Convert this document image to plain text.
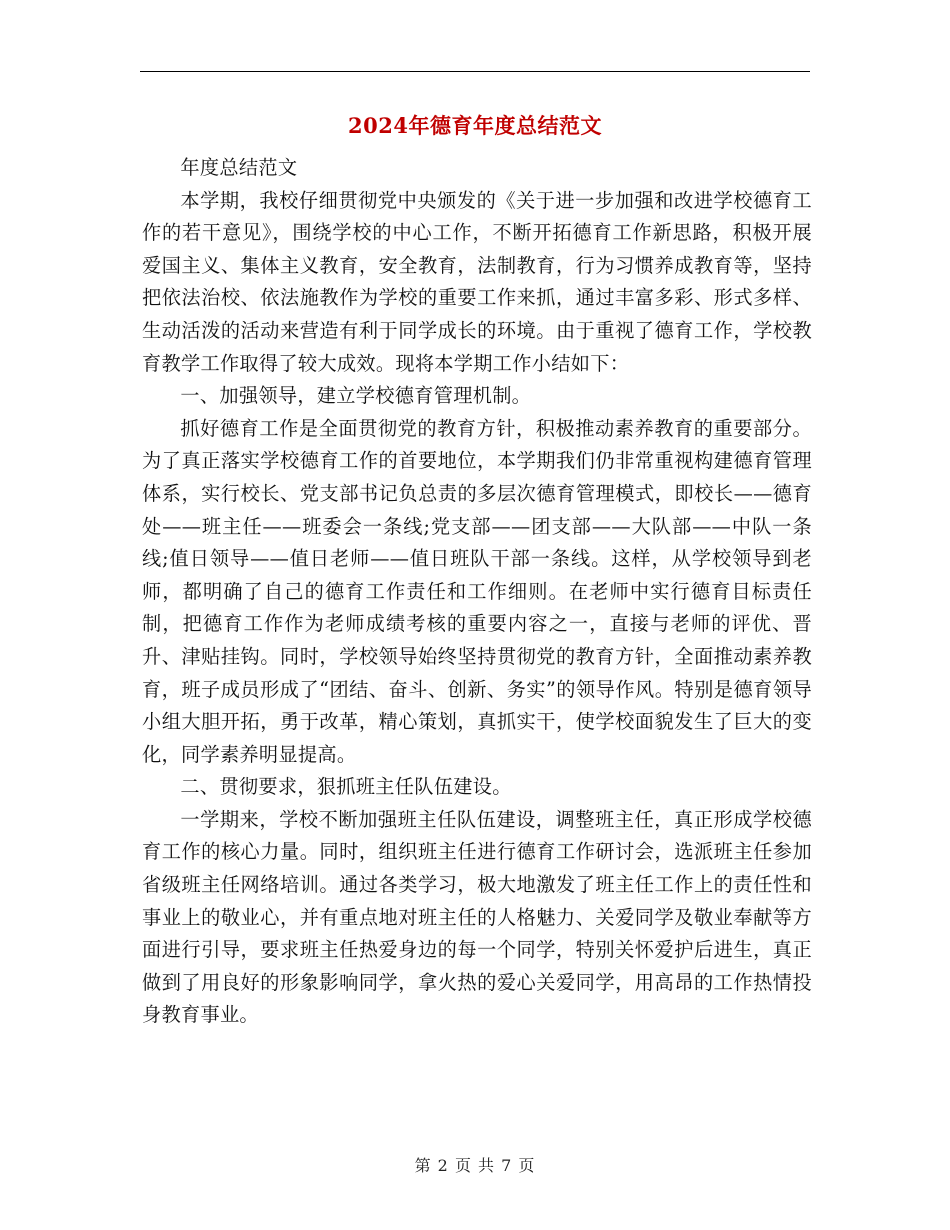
2024年德育年度总结范文

年度总结范文

本学期，我校仔细贯彻党中央颁发的《关于进一步加强和改进学校德育工作的若干意见》，围绕学校的中心工作，不断开拓德育工作新思路，积极开展爱国主义、集体主义教育，安全教育，法制教育，行为习惯养成教育等，坚持把依法治校、依法施教作为学校的重要工作来抓，通过丰富多彩、形式多样、生动活泼的活动来营造有利于同学成长的环境。由于重视了德育工作，学校教育教学工作取得了较大成效。现将本学期工作小结如下：

一、加强领导，建立学校德育管理机制。

抓好德育工作是全面贯彻党的教育方针，积极推动素养教育的重要部分。为了真正落实学校德育工作的首要地位，本学期我们仍非常重视构建德育管理体系，实行校长、党支部书记负总责的多层次德育管理模式，即校长——德育处——班主任——班委会一条线;党支部——团支部——大队部——中队一条线;值日领导——值日老师——值日班队干部一条线。这样，从学校领导到老师，都明确了自己的德育工作责任和工作细则。在老师中实行德育目标责任制，把德育工作作为老师成绩考核的重要内容之一，直接与老师的评优、晋升、津贴挂钩。同时，学校领导始终坚持贯彻党的教育方针，全面推动素养教育，班子成员形成了“团结、奋斗、创新、务实”的领导作风。特别是德育领导小组大胆开拓，勇于改革，精心策划，真抓实干，使学校面貌发生了巨大的变化，同学素养明显提高。

二、贯彻要求，狠抓班主任队伍建设。

一学期来，学校不断加强班主任队伍建设，调整班主任，真正形成学校德育工作的核心力量。同时，组织班主任进行德育工作研讨会，选派班主任参加省级班主任网络培训。通过各类学习，极大地激发了班主任工作上的责任性和事业上的敬业心，并有重点地对班主任的人格魅力、关爱同学及敬业奉献等方面进行引导，要求班主任热爱身边的每一个同学，特别关怀爱护后进生，真正做到了用良好的形象影响同学，拿火热的爱心关爱同学，用高昂的工作热情投身教育事业。

第 2 页 共 7 页
